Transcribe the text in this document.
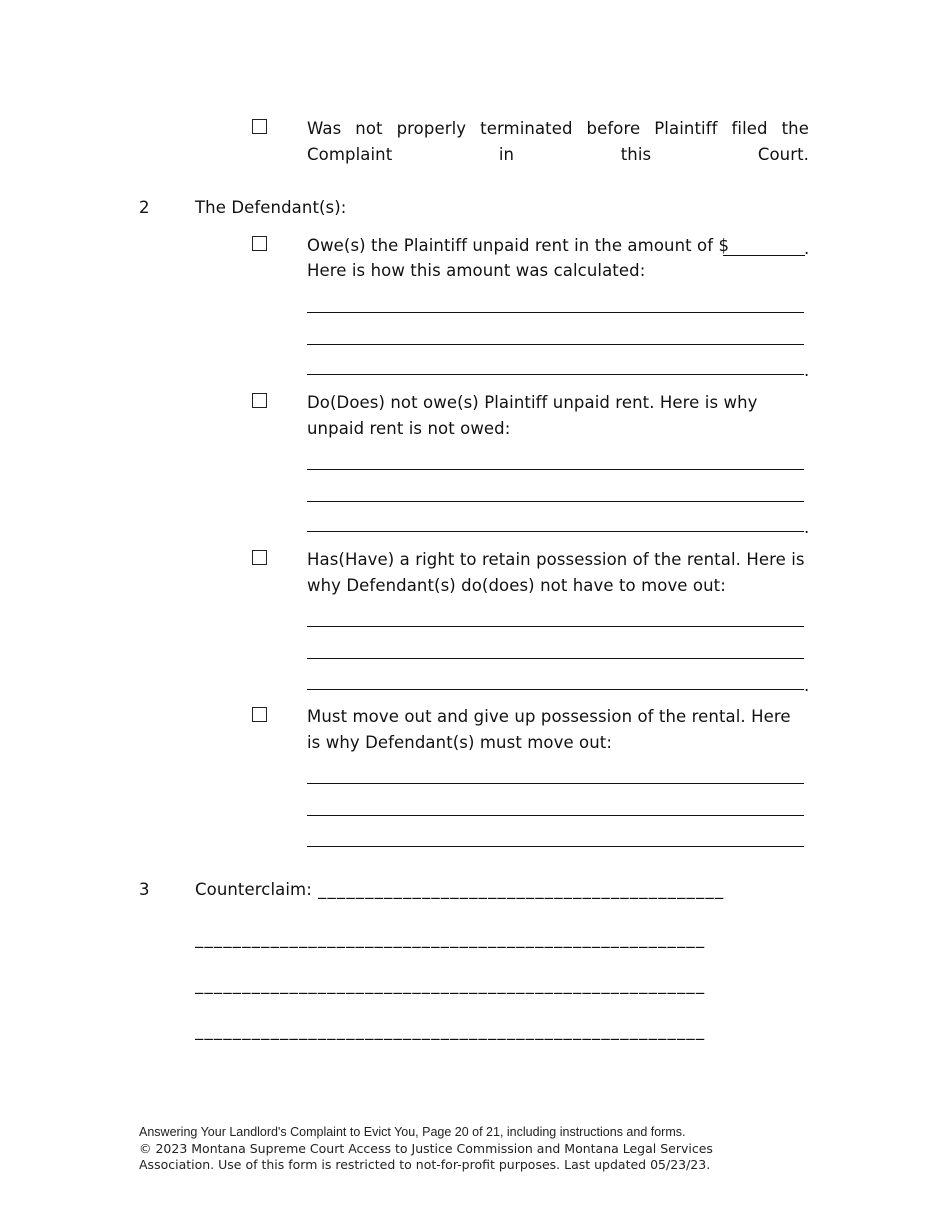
Was not properly terminated before Plaintiff filed the Complaint in this Court.
2	The Defendant(s):
Owe(s) the Plaintiff unpaid rent in the amount of $	.
Here is how this amount was calculated:
.
Do(Does) not owe(s) Plaintiff unpaid rent. Here is why unpaid rent is not owed:
.
Has(Have) a right to retain possession of the rental. Here is why Defendant(s) do(does) not have to move out:
.
Must move out and give up possession of the rental. Here is why Defendant(s) must move out:
3	Counterclaim: ___________________________________________
______________________________________________________
______________________________________________________
______________________________________________________
Answering Your Landlord's Complaint to Evict You, Page 20 of 21, including instructions and forms.
© 2023 Montana Supreme Court Access to Justice Commission and Montana Legal Services Association. Use of this form is restricted to not-for-profit purposes. Last updated 05/23/23.
